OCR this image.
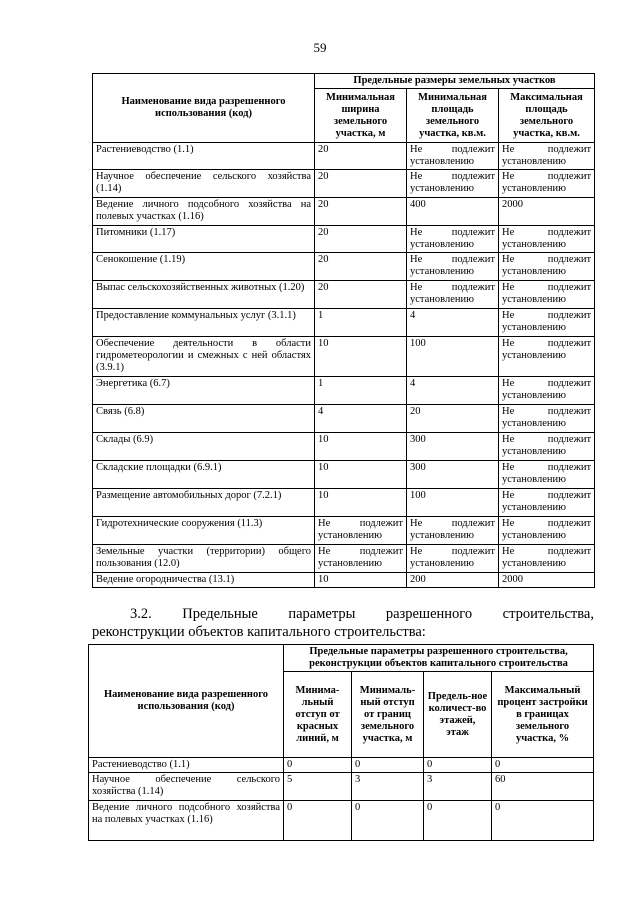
59
Наименование вида разрешенного использования (код)	Предельные размеры земельных участков		
	Минимальная ширина земельного участка, м	Минимальная площадь земельного участка, кв.м.	Максимальная площадь земельного участка, кв.м.
Растениеводство (1.1)	20	Не подлежит установлению	Не подлежит установлению
Научное обеспечение сельского хозяйства (1.14)	20	Не подлежит установлению	Не подлежит установлению
Ведение личного подсобного хозяйства на полевых участках (1.16)	20	400	2000
Питомники (1.17)	20	Не подлежит установлению	Не подлежит установлению
Сенокошение (1.19)	20	Не подлежит установлению	Не подлежит установлению
Выпас сельскохозяйственных животных (1.20)	20	Не подлежит установлению	Не подлежит установлению
Предоставление коммунальных услуг (3.1.1)	1	4	Не подлежит установлению
Обеспечение деятельности в области гидрометеорологии и смежных с ней областях (3.9.1)	10	100	Не подлежит установлению
Энергетика (6.7)	1	4	Не подлежит установлению
Связь (6.8)	4	20	Не подлежит установлению
Склады (6.9)	10	300	Не подлежит установлению
Складские площадки (6.9.1)	10	300	Не подлежит установлению
Размещение автомобильных дорог (7.2.1)	10	100	Не подлежит установлению
Гидротехнические сооружения (11.3)	Не подлежит установлению	Не подлежит установлению	Не подлежит установлению
Земельные участки (территории) общего пользования (12.0)	Не подлежит установлению	Не подлежит установлению	Не подлежит установлению
Ведение огородничества (13.1)	10	200	2000
3.2. Предельные параметры разрешенного строительства,
реконструкции объектов капитального строительства:
Наименование вида разрешенного использования (код)	Предельные параметры разрешенного строительства, реконструкции объектов капитального строительства			
	Минима-льный отступ от красных линий, м	Минималь-ный отступ от границ земельного участка, м	Предель-ное количест-во этажей, этаж	Максимальный процент застройки в границах земельного участка, %
Растениеводство (1.1)	0	0	0	0
Научное обеспечение сельского хозяйства (1.14)	5	3	3	60
Ведение личного подсобного хозяйства на полевых участках (1.16)	0	0	0	0
